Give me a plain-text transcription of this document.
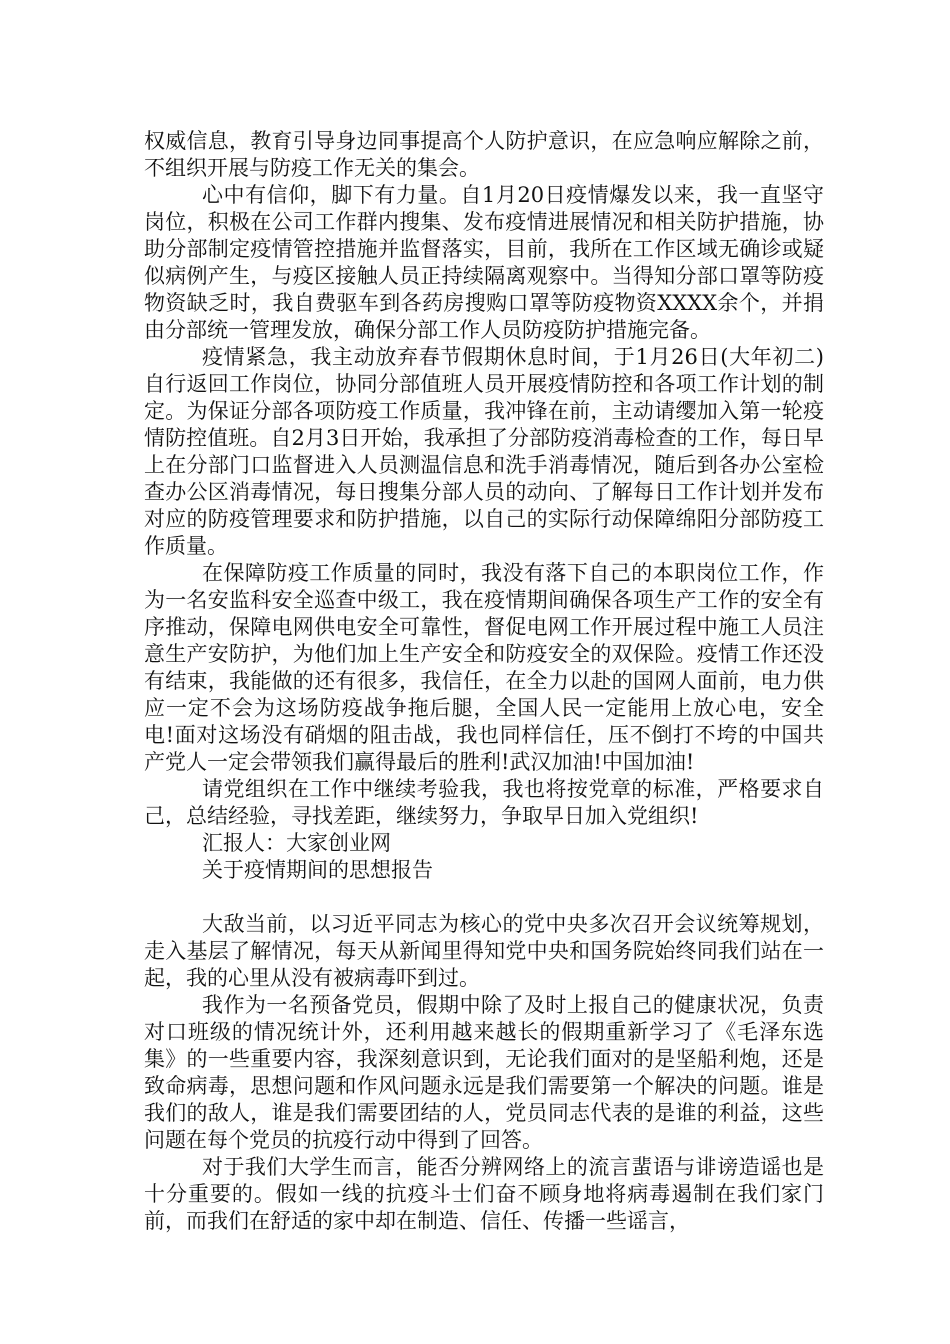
权威信息，教育引导身边同事提高个人防护意识，在应急响应解除之前，不组织开展与防疫工作无关的集会。

心中有信仰，脚下有力量。自1月20日疫情爆发以来，我一直坚守岗位，积极在公司工作群内搜集、发布疫情进展情况和相关防护措施，协助分部制定疫情管控措施并监督落实，目前，我所在工作区域无确诊或疑似病例产生，与疫区接触人员正持续隔离观察中。当得知分部口罩等防疫物资缺乏时，我自费驱车到各药房搜购口罩等防疫物资XXXX余个，并捐由分部统一管理发放，确保分部工作人员防疫防护措施完备。

疫情紧急，我主动放弃春节假期休息时间，于1月26日(大年初二)自行返回工作岗位，协同分部值班人员开展疫情防控和各项工作计划的制定。为保证分部各项防疫工作质量，我冲锋在前，主动请缨加入第一轮疫情防控值班。自2月3日开始，我承担了分部防疫消毒检查的工作，每日早上在分部门口监督进入人员测温信息和洗手消毒情况，随后到各办公室检查办公区消毒情况，每日搜集分部人员的动向、了解每日工作计划并发布对应的防疫管理要求和防护措施，以自己的实际行动保障绵阳分部防疫工作质量。

在保障防疫工作质量的同时，我没有落下自己的本职岗位工作，作为一名安监科安全巡查中级工，我在疫情期间确保各项生产工作的安全有序推动，保障电网供电安全可靠性，督促电网工作开展过程中施工人员注意生产安防护，为他们加上生产安全和防疫安全的双保险。疫情工作还没有结束，我能做的还有很多，我信任，在全力以赴的国网人面前，电力供应一定不会为这场防疫战争拖后腿，全国人民一定能用上放心电，安全电!面对这场没有硝烟的阻击战，我也同样信任，压不倒打不垮的中国共产党人一定会带领我们赢得最后的胜利!武汉加油!中国加油!

请党组织在工作中继续考验我，我也将按党章的标准，严格要求自己，总结经验，寻找差距，继续努力，争取早日加入党组织!

汇报人：大家创业网

关于疫情期间的思想报告

大敌当前，以习近平同志为核心的党中央多次召开会议统筹规划，走入基层了解情况，每天从新闻里得知党中央和国务院始终同我们站在一起，我的心里从没有被病毒吓到过。

我作为一名预备党员，假期中除了及时上报自己的健康状况，负责对口班级的情况统计外，还利用越来越长的假期重新学习了《毛泽东选集》的一些重要内容，我深刻意识到，无论我们面对的是坚船利炮，还是致命病毒，思想问题和作风问题永远是我们需要第一个解决的问题。谁是我们的敌人，谁是我们需要团结的人，党员同志代表的是谁的利益，这些问题在每个党员的抗疫行动中得到了回答。

对于我们大学生而言，能否分辨网络上的流言蜚语与诽谤造谣也是十分重要的。假如一线的抗疫斗士们奋不顾身地将病毒遏制在我们家门前，而我们在舒适的家中却在制造、信任、传播一些谣言，
